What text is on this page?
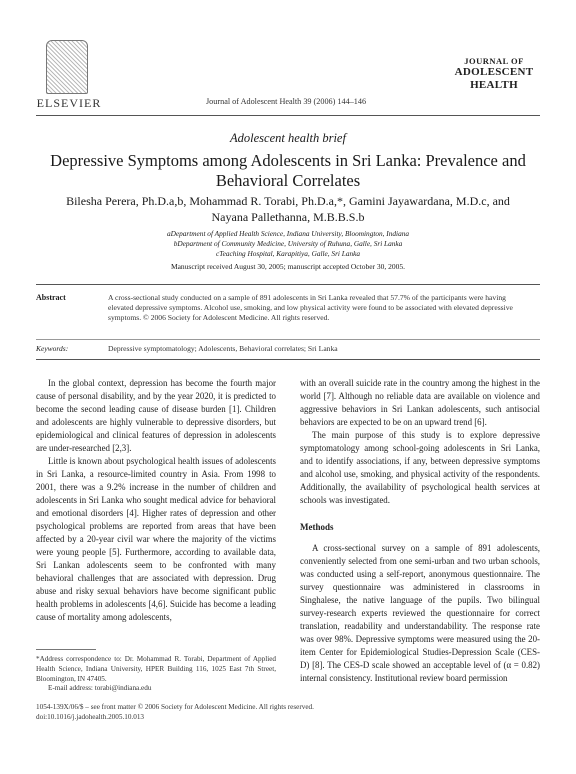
ELSEVIER	Journal of Adolescent Health 39 (2006) 144–146
JOURNAL OF
ADOLESCENT
HEALTH
Adolescent health brief
Depressive Symptoms among Adolescents in Sri Lanka: Prevalence and Behavioral Correlates
Bilesha Perera, Ph.D.a,b, Mohammad R. Torabi, Ph.D.a,*, Gamini Jayawardana, M.D.c, and
Nayana Pallethanna, M.B.B.S.b
aDepartment of Applied Health Science, Indiana University, Bloomington, Indiana
bDepartment of Community Medicine, University of Ruhuna, Galle, Sri Lanka
cTeaching Hospital, Karapitiya, Galle, Sri Lanka
Manuscript received August 30, 2005; manuscript accepted October 30, 2005.
Abstract	A cross-sectional study conducted on a sample of 891 adolescents in Sri Lanka revealed that 57.7% of the participants were having elevated depressive symptoms. Alcohol use, smoking, and low physical activity were found to be associated with elevated depressive symptoms. © 2006 Society for Adolescent Medicine. All rights reserved.
Keywords:	Depressive symptomatology; Adolescents, Behavioral correlates; Sri Lanka

In the global context, depression has become the fourth major cause of personal disability, and by the year 2020, it is predicted to become the second leading cause of disease burden [1]. Children and adolescents are highly vulnerable to depressive disorders, but epidemiological and clinical features of depression in adolescents are under-researched [2,3].

Little is known about psychological health issues of adolescents in Sri Lanka, a resource-limited country in Asia. From 1998 to 2001, there was a 9.2% increase in the number of children and adolescents in Sri Lanka who sought medical advice for behavioral and emotional disorders [4]. Higher rates of depression and other psychological problems are reported from areas that have been affected by a 20-year civil war where the majority of the victims were young people [5]. Furthermore, according to available data, Sri Lankan adolescents seem to be confronted with many behavioral challenges that are associated with depression. Drug abuse and risky sexual behaviors have become significant public health problems in adolescents [4,6]. Suicide has become a leading cause of mortality among adolescents,

with an overall suicide rate in the country among the highest in the world [7]. Although no reliable data are available on violence and aggressive behaviors in Sri Lankan adolescents, such antisocial behaviors are expected to be on an upward trend [6].

The main purpose of this study is to explore depressive symptomatology among school-going adolescents in Sri Lanka, and to identify associations, if any, between depressive symptoms and alcohol use, smoking, and physical activity of the respondents. Additionally, the availability of psychological health services at schools was investigated.

Methods

A cross-sectional survey on a sample of 891 adolescents, conveniently selected from one semi-urban and two urban schools, was conducted using a self-report, anonymous questionnaire. The survey questionnaire was administered in classrooms in Singhalese, the native language of the pupils. Two bilingual survey-research experts reviewed the questionnaire for correct translation, readability and understandability. The response rate was over 98%. Depressive symptoms were measured using the 20-item Center for Epidemiological Studies-Depression Scale (CES-D) [8]. The CES-D scale showed an acceptable level of (α = 0.82) internal consistency. Institutional review board permission

*Address correspondence to: Dr. Mohammad R. Torabi, Department of Applied Health Science, Indiana University, HPER Building 116, 1025 East 7th Street, Bloomington, IN 47405.

E-mail address: torabi@indiana.edu

1054-139X/06/$ – see front matter © 2006 Society for Adolescent Medicine. All rights reserved.
doi:10.1016/j.jadohealth.2005.10.013
